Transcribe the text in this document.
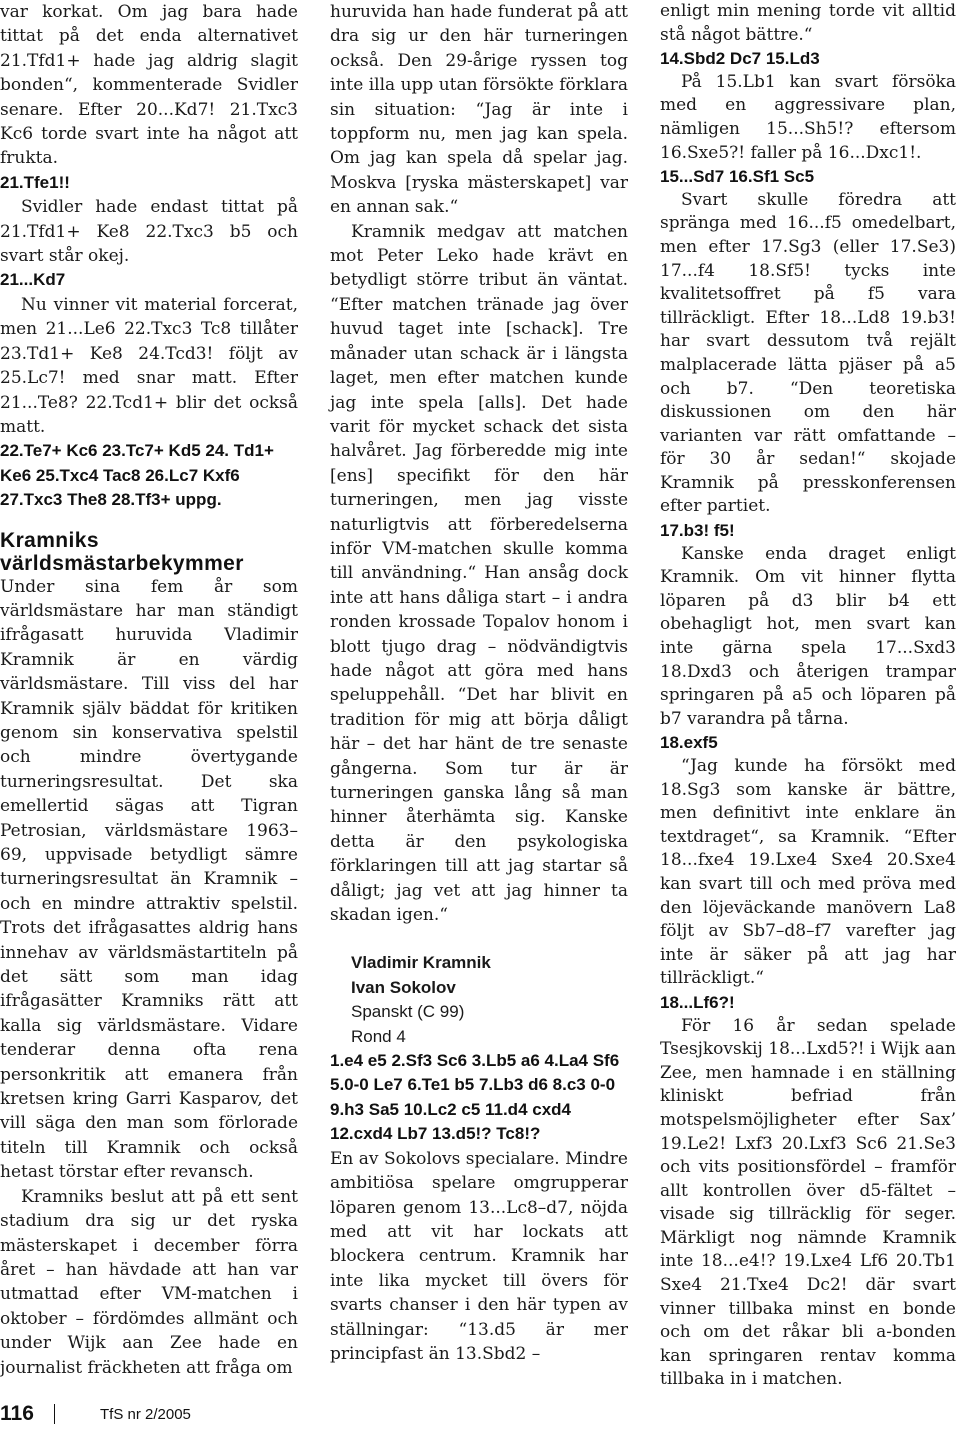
var korkat. Om jag bara hade tittat på det enda alternativet 21.Tfd1+ hade jag aldrig slagit bonden“, kommenterade Svidler senare. Efter 20...Kd7! 21.Txc3 Kc6 torde svart inte ha något att frukta.

21.Tfe1!!

Svidler hade endast tittat på 21.Tfd1+ Ke8 22.Txc3 b5 och svart står okej.

21...Kd7

Nu vinner vit material forcerat, men 21...Le6 22.Txc3 Tc8 tillåter 23.Td1+ Ke8 24.Tcd3! följt av 25.Lc7! med snar matt. Efter 21...Te8? 22.Tcd1+ blir det också matt.

22.Te7+ Kc6 23.Tc7+ Kd5 24. Td1+ Ke6 25.Txc4 Tac8 26.Lc7 Kxf6 27.Txc3 The8 28.Tf3+ uppg.

Kramniks världsmästarbekymmer

Under sina fem år som världsmästare har man ständigt ifrågasatt huruvida Vladimir Kramnik är en värdig världsmästare. Till viss del har Kramnik själv bäddat för kritiken genom sin konservativa spelstil och mindre övertygande turneringsresultat. Det ska emellertid sägas att Tigran Petrosian, världsmästare 1963–69, uppvisade betydligt sämre turneringsresultat än Kramnik – och en mindre attraktiv spelstil. Trots det ifrågasattes aldrig hans innehav av världsmästartiteln på det sätt som man idag ifrågasätter Kramniks rätt att kalla sig världsmästare. Vidare tenderar denna ofta rena personkritik att emanera från kretsen kring Garri Kasparov, det vill säga den man som förlorade titeln till Kramnik och också hetast törstar efter revansch.

Kramniks beslut att på ett sent stadium dra sig ur det ryska mästerskapet i december förra året – han hävdade att han var utmattad efter VM-matchen i oktober – fördömdes allmänt och under Wijk aan Zee hade en journalist fräckheten att fråga om

huruvida han hade funderat på att dra sig ur den här turneringen också. Den 29-årige ryssen tog inte illa upp utan försökte förklara sin situation: “Jag är inte i toppform nu, men jag kan spela. Om jag kan spela då spelar jag. Moskva [ryska mästerskapet] var en annan sak.“

Kramnik medgav att matchen mot Peter Leko hade krävt en betydligt större tribut än väntat. “Efter matchen tränade jag över huvud taget inte [schack]. Tre månader utan schack är i längsta laget, men efter matchen kunde jag inte spela [alls]. Det hade varit för mycket schack det sista halvåret. Jag förberedde mig inte [ens] specifikt för den här turneringen, men jag visste naturligtvis att förberedelserna inför VM-matchen skulle komma till användning.“ Han ansåg dock inte att hans dåliga start – i andra ronden krossade Topalov honom i blott tjugo drag – nödvändigtvis hade något att göra med hans speluppehåll. “Det har blivit en tradition för mig att börja dåligt här – det har hänt de tre senaste gångerna. Som tur är är turneringen ganska lång så man hinner återhämta sig. Kanske detta är den psykologiska förklaringen till att jag startar så dåligt; jag vet att jag hinner ta skadan igen.“

Vladimir Kramnik

Ivan Sokolov

Spanskt (C 99)

Rond 4

1.e4 e5 2.Sf3 Sc6 3.Lb5 a6 4.La4 Sf6 5.0-0 Le7 6.Te1 b5 7.Lb3 d6 8.c3 0-0 9.h3 Sa5 10.Lc2 c5 11.d4 cxd4 12.cxd4 Lb7 13.d5!? Tc8!?

En av Sokolovs specialare. Mindre ambitiösa spelare omgrupperar löparen genom 13...Lc8–d7, nöjda med att vit har lockats att blockera centrum. Kramnik har inte lika mycket till övers för svarts chanser i den här typen av ställningar: “13.d5 är mer principfast än 13.Sbd2 –

enligt min mening torde vit alltid stå något bättre.“

14.Sbd2 Dc7 15.Ld3

På 15.Lb1 kan svart försöka med en aggressivare plan, nämligen 15...Sh5!? eftersom 16.Sxe5?! faller på 16...Dxc1!.

15...Sd7 16.Sf1 Sc5

Svart skulle föredra att spränga med 16...f5 omedelbart, men efter 17.Sg3 (eller 17.Se3) 17...f4 18.Sf5! tycks inte kvalitetsoffret på f5 vara tillräckligt. Efter 18...Ld8 19.b3! har svart dessutom två rejält malplacerade lätta pjäser på a5 och b7. “Den teoretiska diskussionen om den här varianten var rätt omfattande – för 30 år sedan!“ skojade Kramnik på presskonferensen efter partiet.

17.b3! f5!

Kanske enda draget enligt Kramnik. Om vit hinner flytta löparen på d3 blir b4 ett obehagligt hot, men svart kan inte gärna spela 17...Sxd3 18.Dxd3 och återigen trampar springaren på a5 och löparen på b7 varandra på tårna.

18.exf5

“Jag kunde ha försökt med 18.Sg3 som kanske är bättre, men definitivt inte enklare än textdraget“, sa Kramnik. “Efter 18...fxe4 19.Lxe4 Sxe4 20.Sxe4 kan svart till och med pröva med den löjeväckande manövern La8 följt av Sb7–d8–f7 varefter jag inte är säker på att jag har tillräckligt.“

18...Lf6?!

För 16 år sedan spelade Tsesjkovskij 18...Lxd5?! i Wijk aan Zee, men hamnade i en ställning kliniskt befriad från motspelsmöjligheter efter Sax’ 19.Le2! Lxf3 20.Lxf3 Sc6 21.Se3 och vits positionsfördel – framför allt kontrollen över d5-fältet – visade sig tillräcklig för seger. Märkligt nog nämnde Kramnik inte 18...e4!? 19.Lxe4 Lf6 20.Tb1 Sxe4 21.Txe4 Dc2! där svart vinner tillbaka minst en bonde och om det råkar bli a-bonden kan springaren rentav komma tillbaka in i matchen.

116	TfS nr 2/2005
